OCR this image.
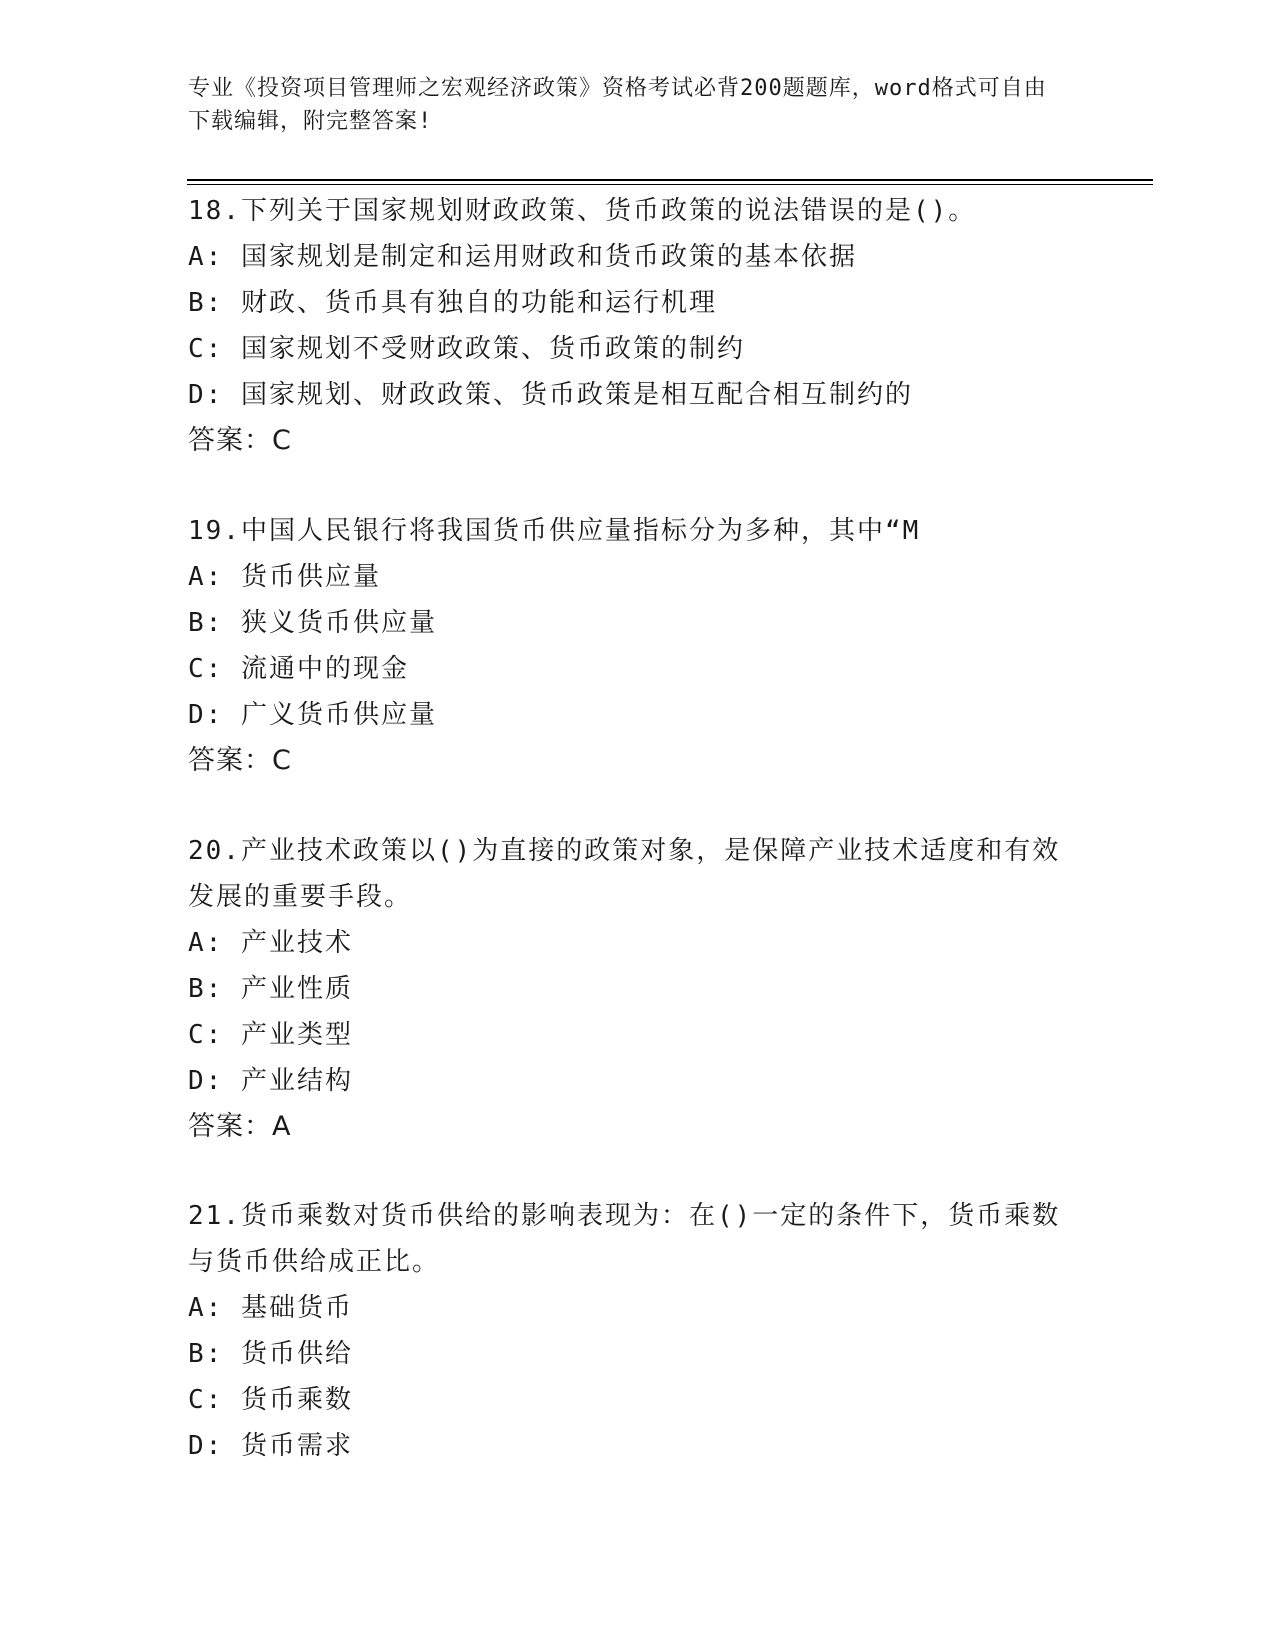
专业《投资项目管理师之宏观经济政策》资格考试必背200题题库，word格式可自由下载编辑，附完整答案!
18.下列关于国家规划财政政策、货币政策的说法错误的是()。
A: 国家规划是制定和运用财政和货币政策的基本依据
B: 财政、货币具有独自的功能和运行机理
C: 国家规划不受财政政策、货币政策的制约
D: 国家规划、财政政策、货币政策是相互配合相互制约的
答案：C
19.中国人民银行将我国货币供应量指标分为多种，其中“M
A: 货币供应量
B: 狭义货币供应量
C: 流通中的现金
D: 广义货币供应量
答案：C
20.产业技术政策以()为直接的政策对象，是保障产业技术适度和有效发展的重要手段。
A: 产业技术
B: 产业性质
C: 产业类型
D: 产业结构
答案：A
21.货币乘数对货币供给的影响表现为：在()一定的条件下，货币乘数与货币供给成正比。
A: 基础货币
B: 货币供给
C: 货币乘数
D: 货币需求
